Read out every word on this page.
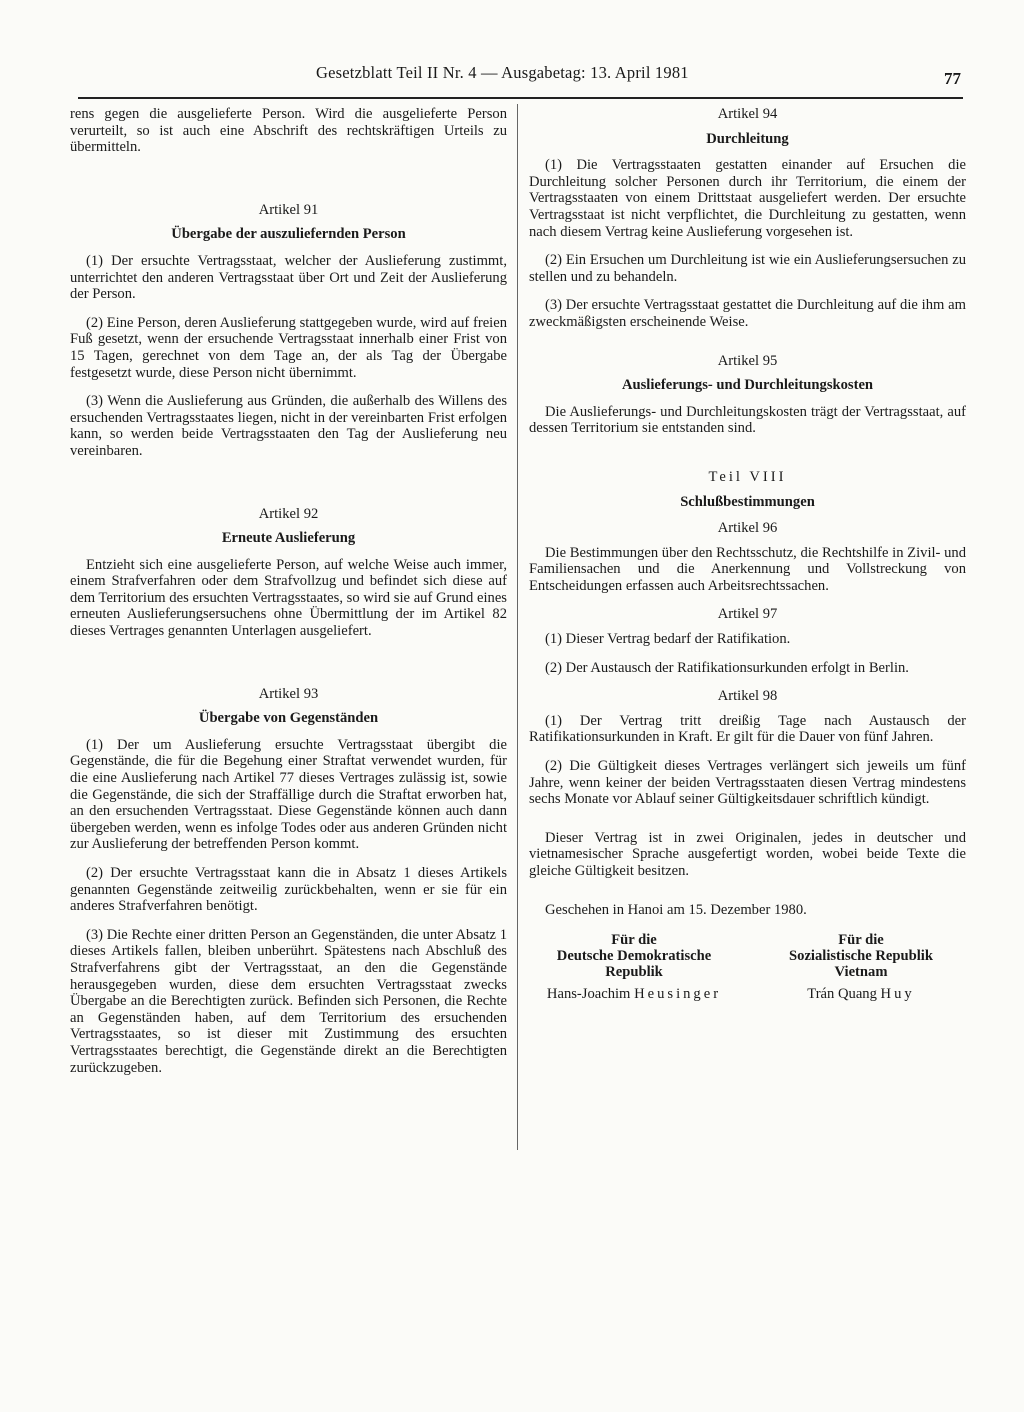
Gesetzblatt Teil II Nr. 4 — Ausgabetag: 13. April 1981	77

rens gegen die ausgelieferte Person. Wird die ausgelieferte Person verurteilt, so ist auch eine Abschrift des rechtskräftigen Urteils zu übermitteln.

Artikel 91
Übergabe der auszuliefernden Person

(1) Der ersuchte Vertragsstaat, welcher der Auslieferung zustimmt, unterrichtet den anderen Vertragsstaat über Ort und Zeit der Auslieferung der Person.

(2) Eine Person, deren Auslieferung stattgegeben wurde, wird auf freien Fuß gesetzt, wenn der ersuchende Vertragsstaat innerhalb einer Frist von 15 Tagen, gerechnet von dem Tage an, der als Tag der Übergabe festgesetzt wurde, diese Person nicht übernimmt.

(3) Wenn die Auslieferung aus Gründen, die außerhalb des Willens des ersuchenden Vertragsstaates liegen, nicht in der vereinbarten Frist erfolgen kann, so werden beide Vertragsstaaten den Tag der Auslieferung neu vereinbaren.

Artikel 92
Erneute Auslieferung

Entzieht sich eine ausgelieferte Person, auf welche Weise auch immer, einem Strafverfahren oder dem Strafvollzug und befindet sich diese auf dem Territorium des ersuchten Vertragsstaates, so wird sie auf Grund eines erneuten Auslieferungsersuchens ohne Übermittlung der im Artikel 82 dieses Vertrages genannten Unterlagen ausgeliefert.

Artikel 93
Übergabe von Gegenständen

(1) Der um Auslieferung ersuchte Vertragsstaat übergibt die Gegenstände, die für die Begehung einer Straftat verwendet wurden, für die eine Auslieferung nach Artikel 77 dieses Vertrages zulässig ist, sowie die Gegenstände, die sich der Straffällige durch die Straftat erworben hat, an den ersuchenden Vertragsstaat. Diese Gegenstände können auch dann übergeben werden, wenn es infolge Todes oder aus anderen Gründen nicht zur Auslieferung der betreffenden Person kommt.

(2) Der ersuchte Vertragsstaat kann die in Absatz 1 dieses Artikels genannten Gegenstände zeitweilig zurückbehalten, wenn er sie für ein anderes Strafverfahren benötigt.

(3) Die Rechte einer dritten Person an Gegenständen, die unter Absatz 1 dieses Artikels fallen, bleiben unberührt. Spätestens nach Abschluß des Strafverfahrens gibt der Vertragsstaat, an den die Gegenstände herausgegeben wurden, diese dem ersuchten Vertragsstaat zwecks Übergabe an die Berechtigten zurück. Befinden sich Personen, die Rechte an Gegenständen haben, auf dem Territorium des ersuchenden Vertragsstaates, so ist dieser mit Zustimmung des ersuchten Vertragsstaates berechtigt, die Gegenstände direkt an die Berechtigten zurückzugeben.

Artikel 94
Durchleitung

(1) Die Vertragsstaaten gestatten einander auf Ersuchen die Durchleitung solcher Personen durch ihr Territorium, die einem der Vertragsstaaten von einem Drittstaat ausgeliefert werden. Der ersuchte Vertragsstaat ist nicht verpflichtet, die Durchleitung zu gestatten, wenn nach diesem Vertrag keine Auslieferung vorgesehen ist.

(2) Ein Ersuchen um Durchleitung ist wie ein Auslieferungsersuchen zu stellen und zu behandeln.

(3) Der ersuchte Vertragsstaat gestattet die Durchleitung auf die ihm am zweckmäßigsten erscheinende Weise.

Artikel 95
Auslieferungs- und Durchleitungskosten

Die Auslieferungs- und Durchleitungskosten trägt der Vertragsstaat, auf dessen Territorium sie entstanden sind.

Teil VIII
Schlußbestimmungen
Artikel 96

Die Bestimmungen über den Rechtsschutz, die Rechtshilfe in Zivil- und Familiensachen und die Anerkennung und Vollstreckung von Entscheidungen erfassen auch Arbeitsrechtssachen.

Artikel 97

(1) Dieser Vertrag bedarf der Ratifikation.

(2) Der Austausch der Ratifikationsurkunden erfolgt in Berlin.

Artikel 98

(1) Der Vertrag tritt dreißig Tage nach Austausch der Ratifikationsurkunden in Kraft. Er gilt für die Dauer von fünf Jahren.

(2) Die Gültigkeit dieses Vertrages verlängert sich jeweils um fünf Jahre, wenn keiner der beiden Vertragsstaaten diesen Vertrag mindestens sechs Monate vor Ablauf seiner Gültigkeitsdauer schriftlich kündigt.

Dieser Vertrag ist in zwei Originalen, jedes in deutscher und vietnamesischer Sprache ausgefertigt worden, wobei beide Texte die gleiche Gültigkeit besitzen.

Geschehen in Hanoi am 15. Dezember 1980.

Für die
Deutsche Demokratische
Republik
Hans-Joachim Heusinger
Für die
Sozialistische Republik
Vietnam
Trán Quang Huy
